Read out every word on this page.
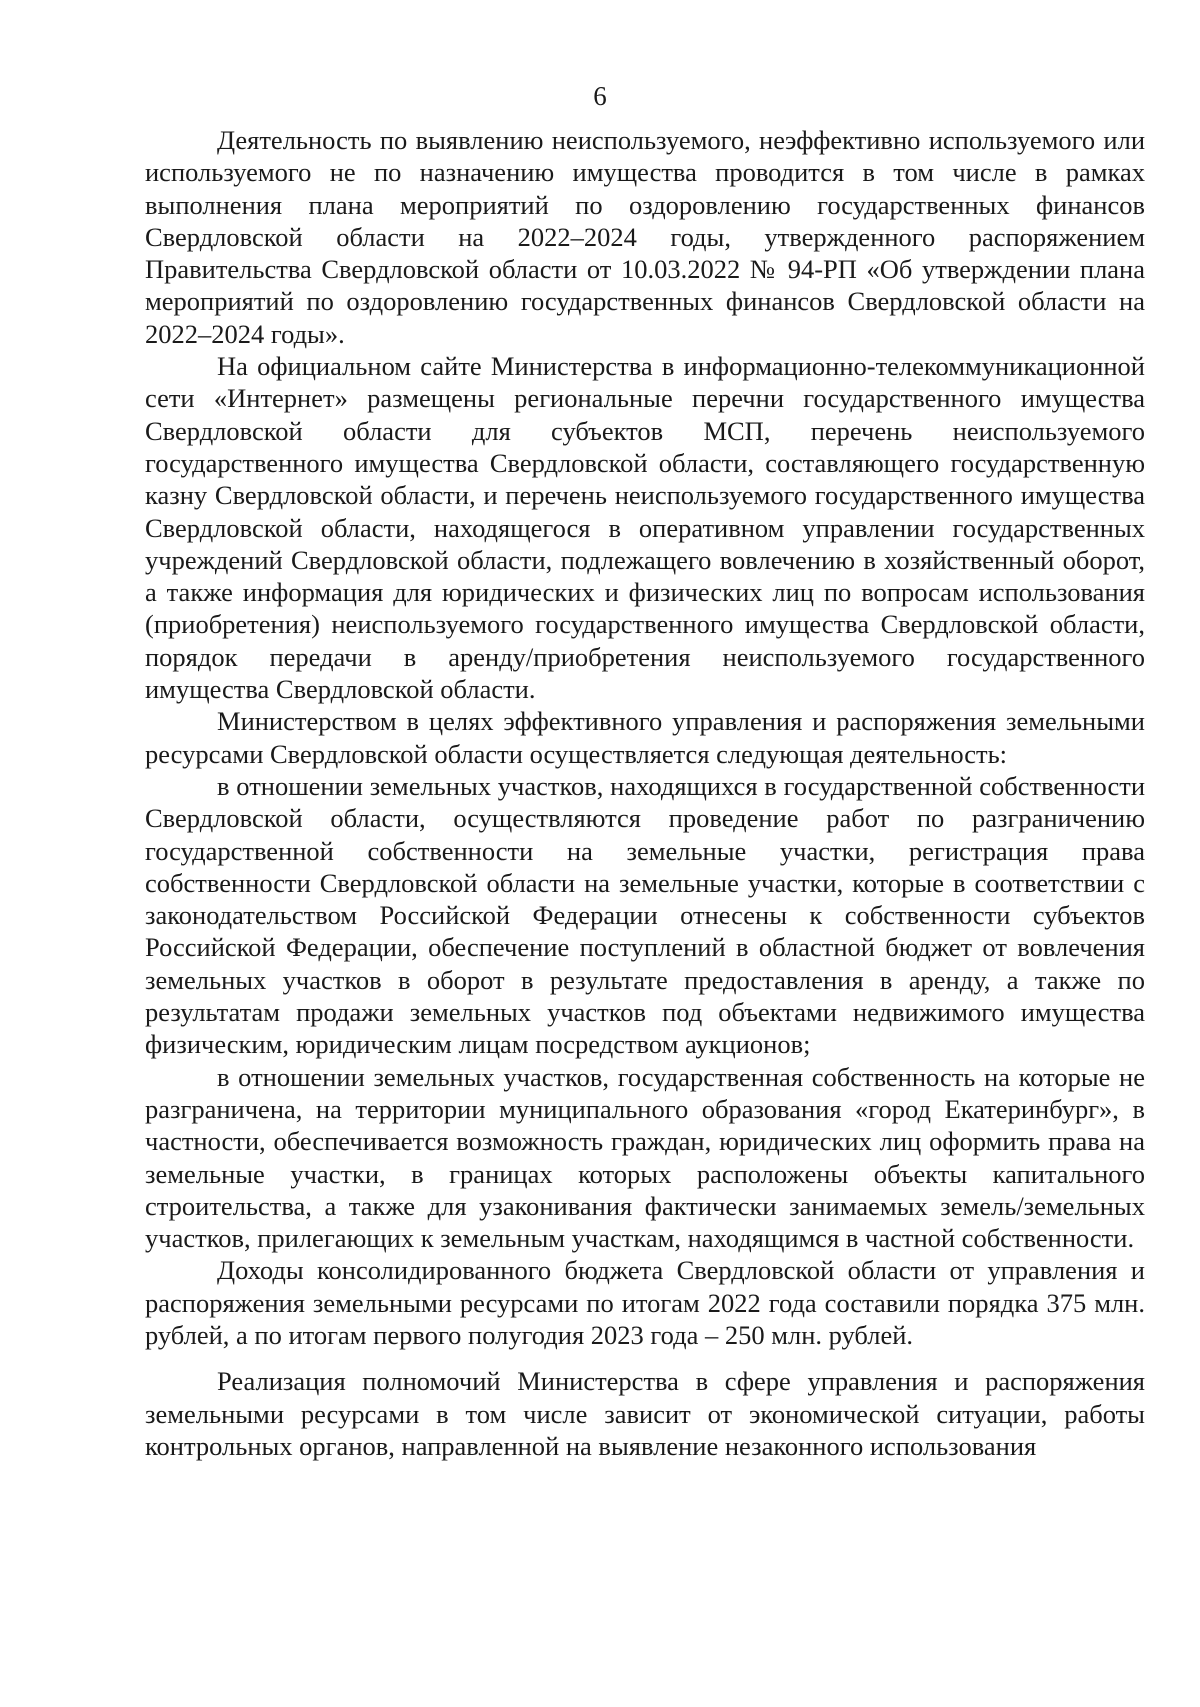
6

Деятельность по выявлению неиспользуемого, неэффективно используемого или используемого не по назначению имущества проводится в том числе в рамках выполнения плана мероприятий по оздоровлению государственных финансов Свердловской области на 2022–2024 годы, утвержденного распоряжением Правительства Свердловской области от 10.03.2022 № 94-РП «Об утверждении плана мероприятий по оздоровлению государственных финансов Свердловской области на 2022–2024 годы».

На официальном сайте Министерства в информационно-телекоммуникационной сети «Интернет» размещены региональные перечни государственного имущества Свердловской области для субъектов МСП, перечень неиспользуемого государственного имущества Свердловской области, составляющего государственную казну Свердловской области, и перечень неиспользуемого государственного имущества Свердловской области, находящегося в оперативном управлении государственных учреждений Свердловской области, подлежащего вовлечению в хозяйственный оборот, а также информация для юридических и физических лиц по вопросам использования (приобретения) неиспользуемого государственного имущества Свердловской области, порядок передачи в аренду/приобретения неиспользуемого государственного имущества Свердловской области.

Министерством в целях эффективного управления и распоряжения земельными ресурсами Свердловской области осуществляется следующая деятельность:

в отношении земельных участков, находящихся в государственной собственности Свердловской области, осуществляются проведение работ по разграничению государственной собственности на земельные участки, регистрация права собственности Свердловской области на земельные участки, которые в соответствии с законодательством Российской Федерации отнесены к собственности субъектов Российской Федерации, обеспечение поступлений в областной бюджет от вовлечения земельных участков в оборот в результате предоставления в аренду, а также по результатам продажи земельных участков под объектами недвижимого имущества физическим, юридическим лицам посредством аукционов;

в отношении земельных участков, государственная собственность на которые не разграничена, на территории муниципального образования «город Екатеринбург», в частности, обеспечивается возможность граждан, юридических лиц оформить права на земельные участки, в границах которых расположены объекты капитального строительства, а также для узаконивания фактически занимаемых земель/земельных участков, прилегающих к земельным участкам, находящимся в частной собственности.

Доходы консолидированного бюджета Свердловской области от управления и распоряжения земельными ресурсами по итогам 2022 года составили порядка 375 млн. рублей, а по итогам первого полугодия 2023 года – 250 млн. рублей.

Реализация полномочий Министерства в сфере управления и распоряжения земельными ресурсами в том числе зависит от экономической ситуации, работы контрольных органов, направленной на выявление незаконного использования
